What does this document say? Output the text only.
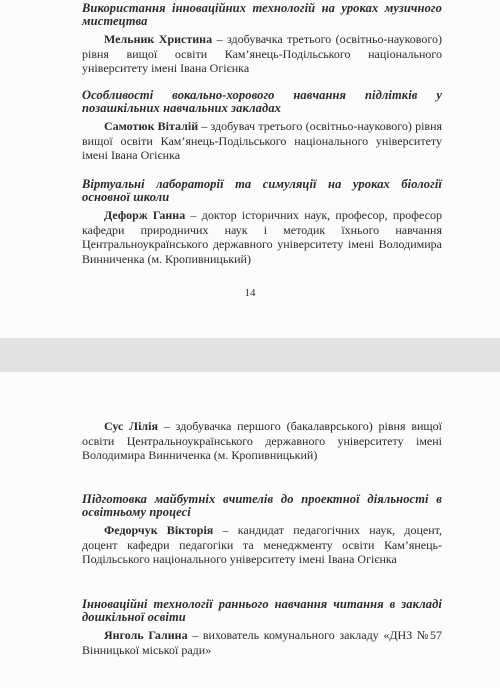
Використання інноваційних технологій на уроках музичного мистецтва
Мельник Христина – здобувачка третього (освітньо-наукового) рівня вищої освіти Кам’янець-Подільського національного університету імені Івана Огієнка
Особливості вокально-хорового навчання підлітків у позашкільних навчальних закладах
Самотюк Віталій – здобувач третього (освітньо-наукового) рівня вищої освіти Кам’янець-Подільського національного університету імені Івана Огієнка
Віртуальні лабораторії та симуляції на уроках біології основної школи
Дефорж Ганна – доктор історичних наук, професор, професор кафедри природничих наук і методик їхнього навчання Центральноукраїнського державного університету імені Володимира Винниченка (м. Кропивницький)
14
Сус Лілія – здобувачка першого (бакалаврського) рівня вищої освіти Центральноукраїнського державного університету імені Володимира Винниченка (м. Кропивницький)
Підготовка майбутніх вчителів до проектної діяльності в освітньому процесі
Федорчук Вікторія – кандидат педагогічних наук, доцент, доцент кафедри педагогіки та менеджменту освіти Кам’янець-Подільського національного університету імені Івана Огієнка
Інноваційні технології раннього навчання читання в закладі дошкільної освіти
Янголь Галина – вихователь комунального закладу «ДНЗ №57 Вінницької міської ради»
